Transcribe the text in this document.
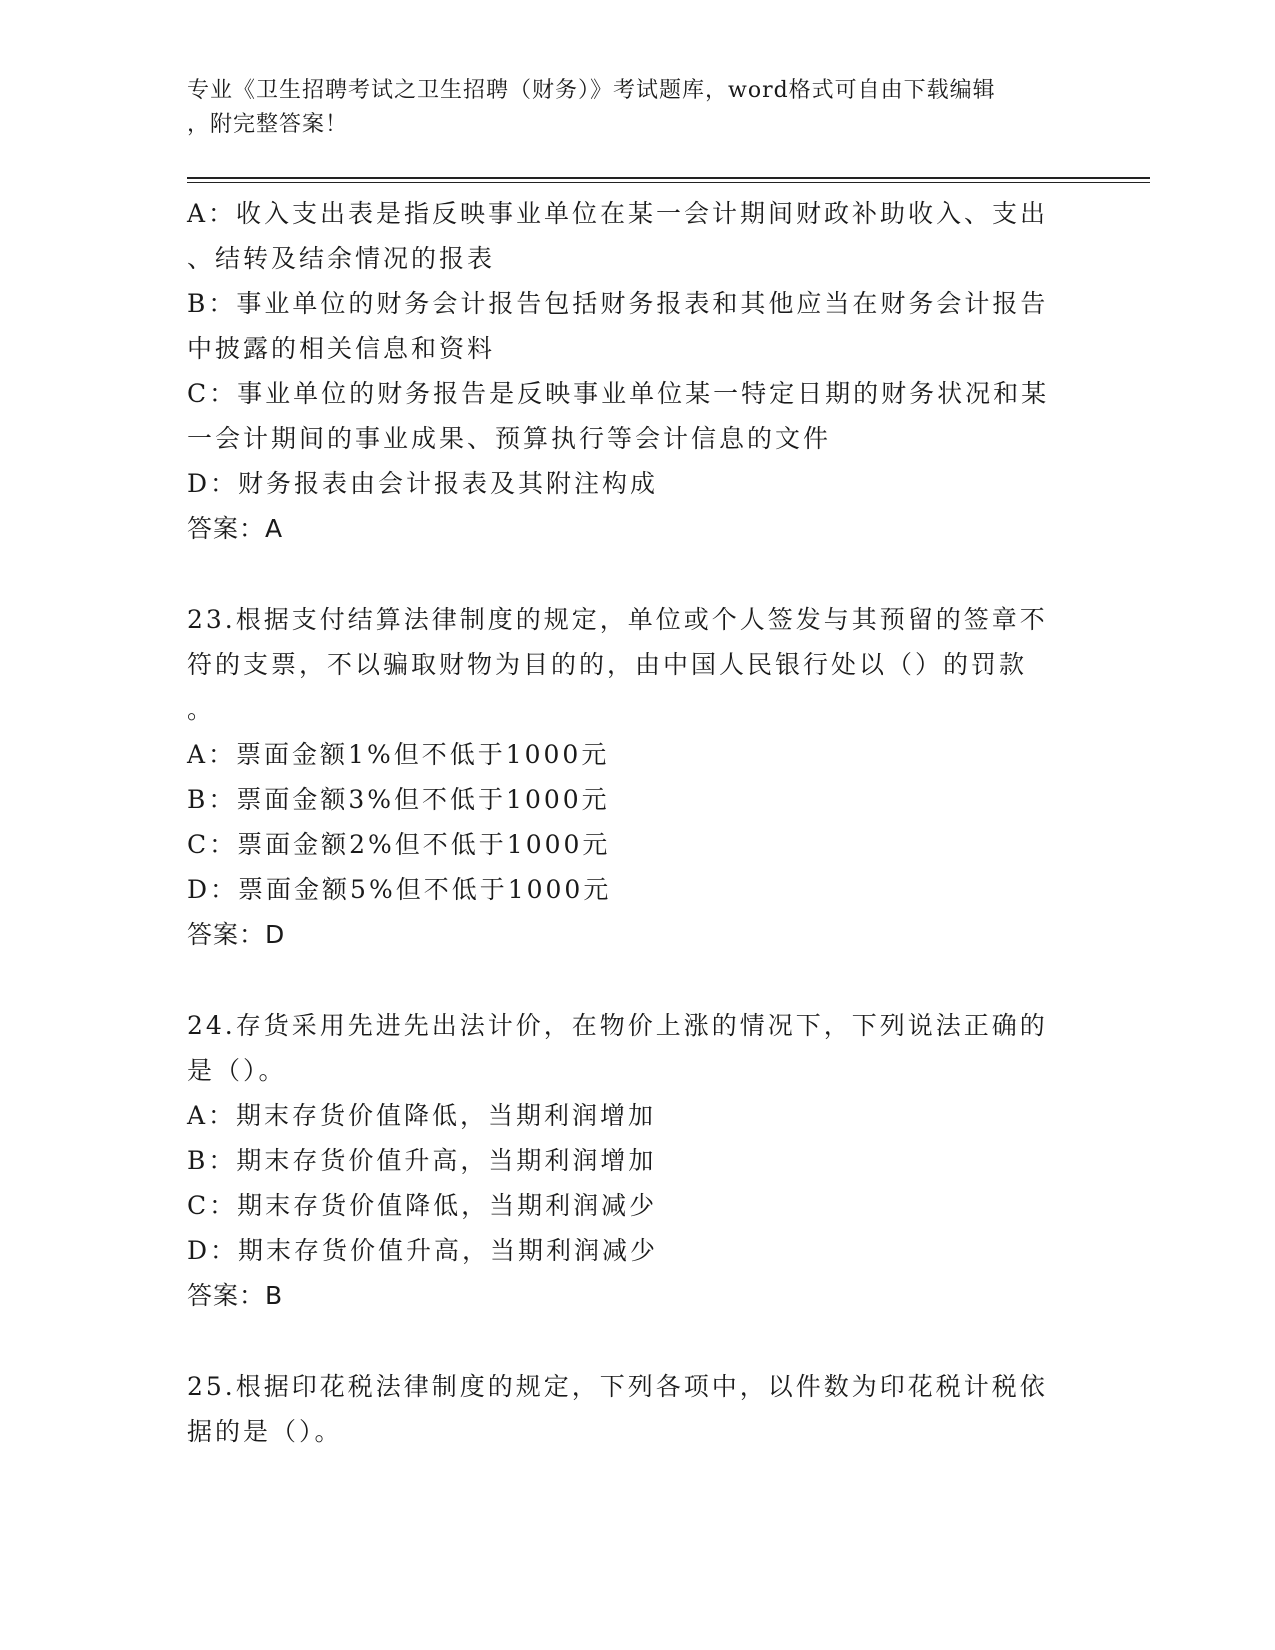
专业《卫生招聘考试之卫生招聘（财务）》考试题库，word格式可自由下载编辑
，附完整答案！
A：收入支出表是指反映事业单位在某一会计期间财政补助收入、支出
、结转及结余情况的报表
B：事业单位的财务会计报告包括财务报表和其他应当在财务会计报告
中披露的相关信息和资料
C：事业单位的财务报告是反映事业单位某一特定日期的财务状况和某
一会计期间的事业成果、预算执行等会计信息的文件
D：财务报表由会计报表及其附注构成
答案：A
23.根据支付结算法律制度的规定，单位或个人签发与其预留的签章不
符的支票，不以骗取财物为目的的，由中国人民银行处以（）的罚款
。
A：票面金额1%但不低于1000元
B：票面金额3%但不低于1000元
C：票面金额2%但不低于1000元
D：票面金额5%但不低于1000元
答案：D
24.存货采用先进先出法计价，在物价上涨的情况下，下列说法正确的
是（）。
A：期末存货价值降低，当期利润增加
B：期末存货价值升高，当期利润增加
C：期末存货价值降低，当期利润减少
D：期末存货价值升高，当期利润减少
答案：B
25.根据印花税法律制度的规定，下列各项中，以件数为印花税计税依
据的是（）。
